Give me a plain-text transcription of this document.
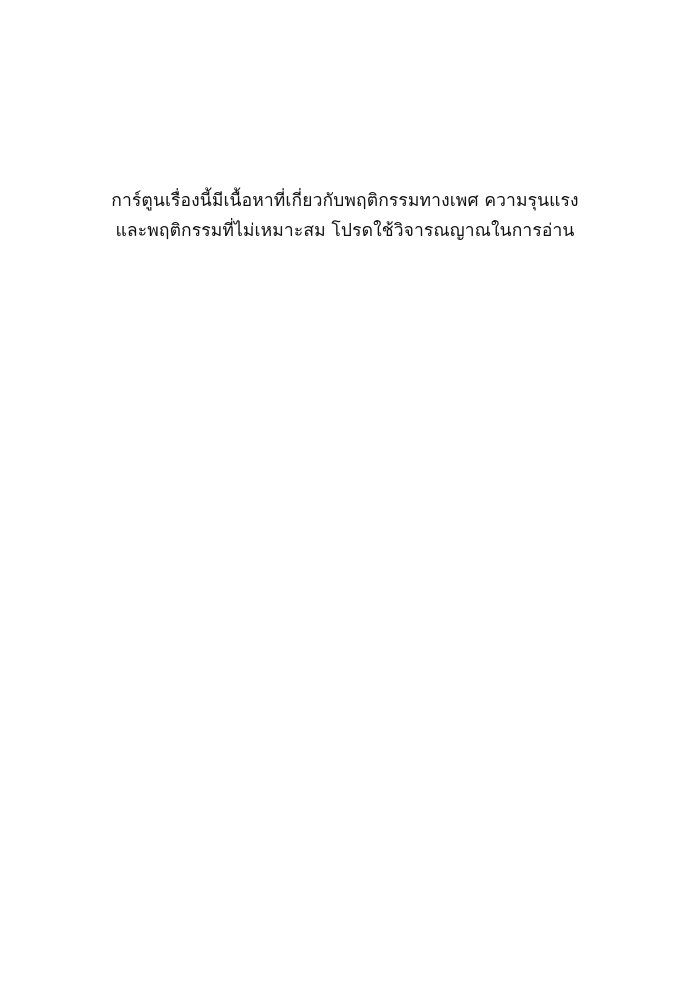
การ์ตูนเรื่องนี้มีเนื้อหาที่เกี่ยวกับพฤติกรรมทางเพศ ความรุนแรง
และพฤติกรรมที่ไม่เหมาะสม โปรดใช้วิจารณญาณในการอ่าน
